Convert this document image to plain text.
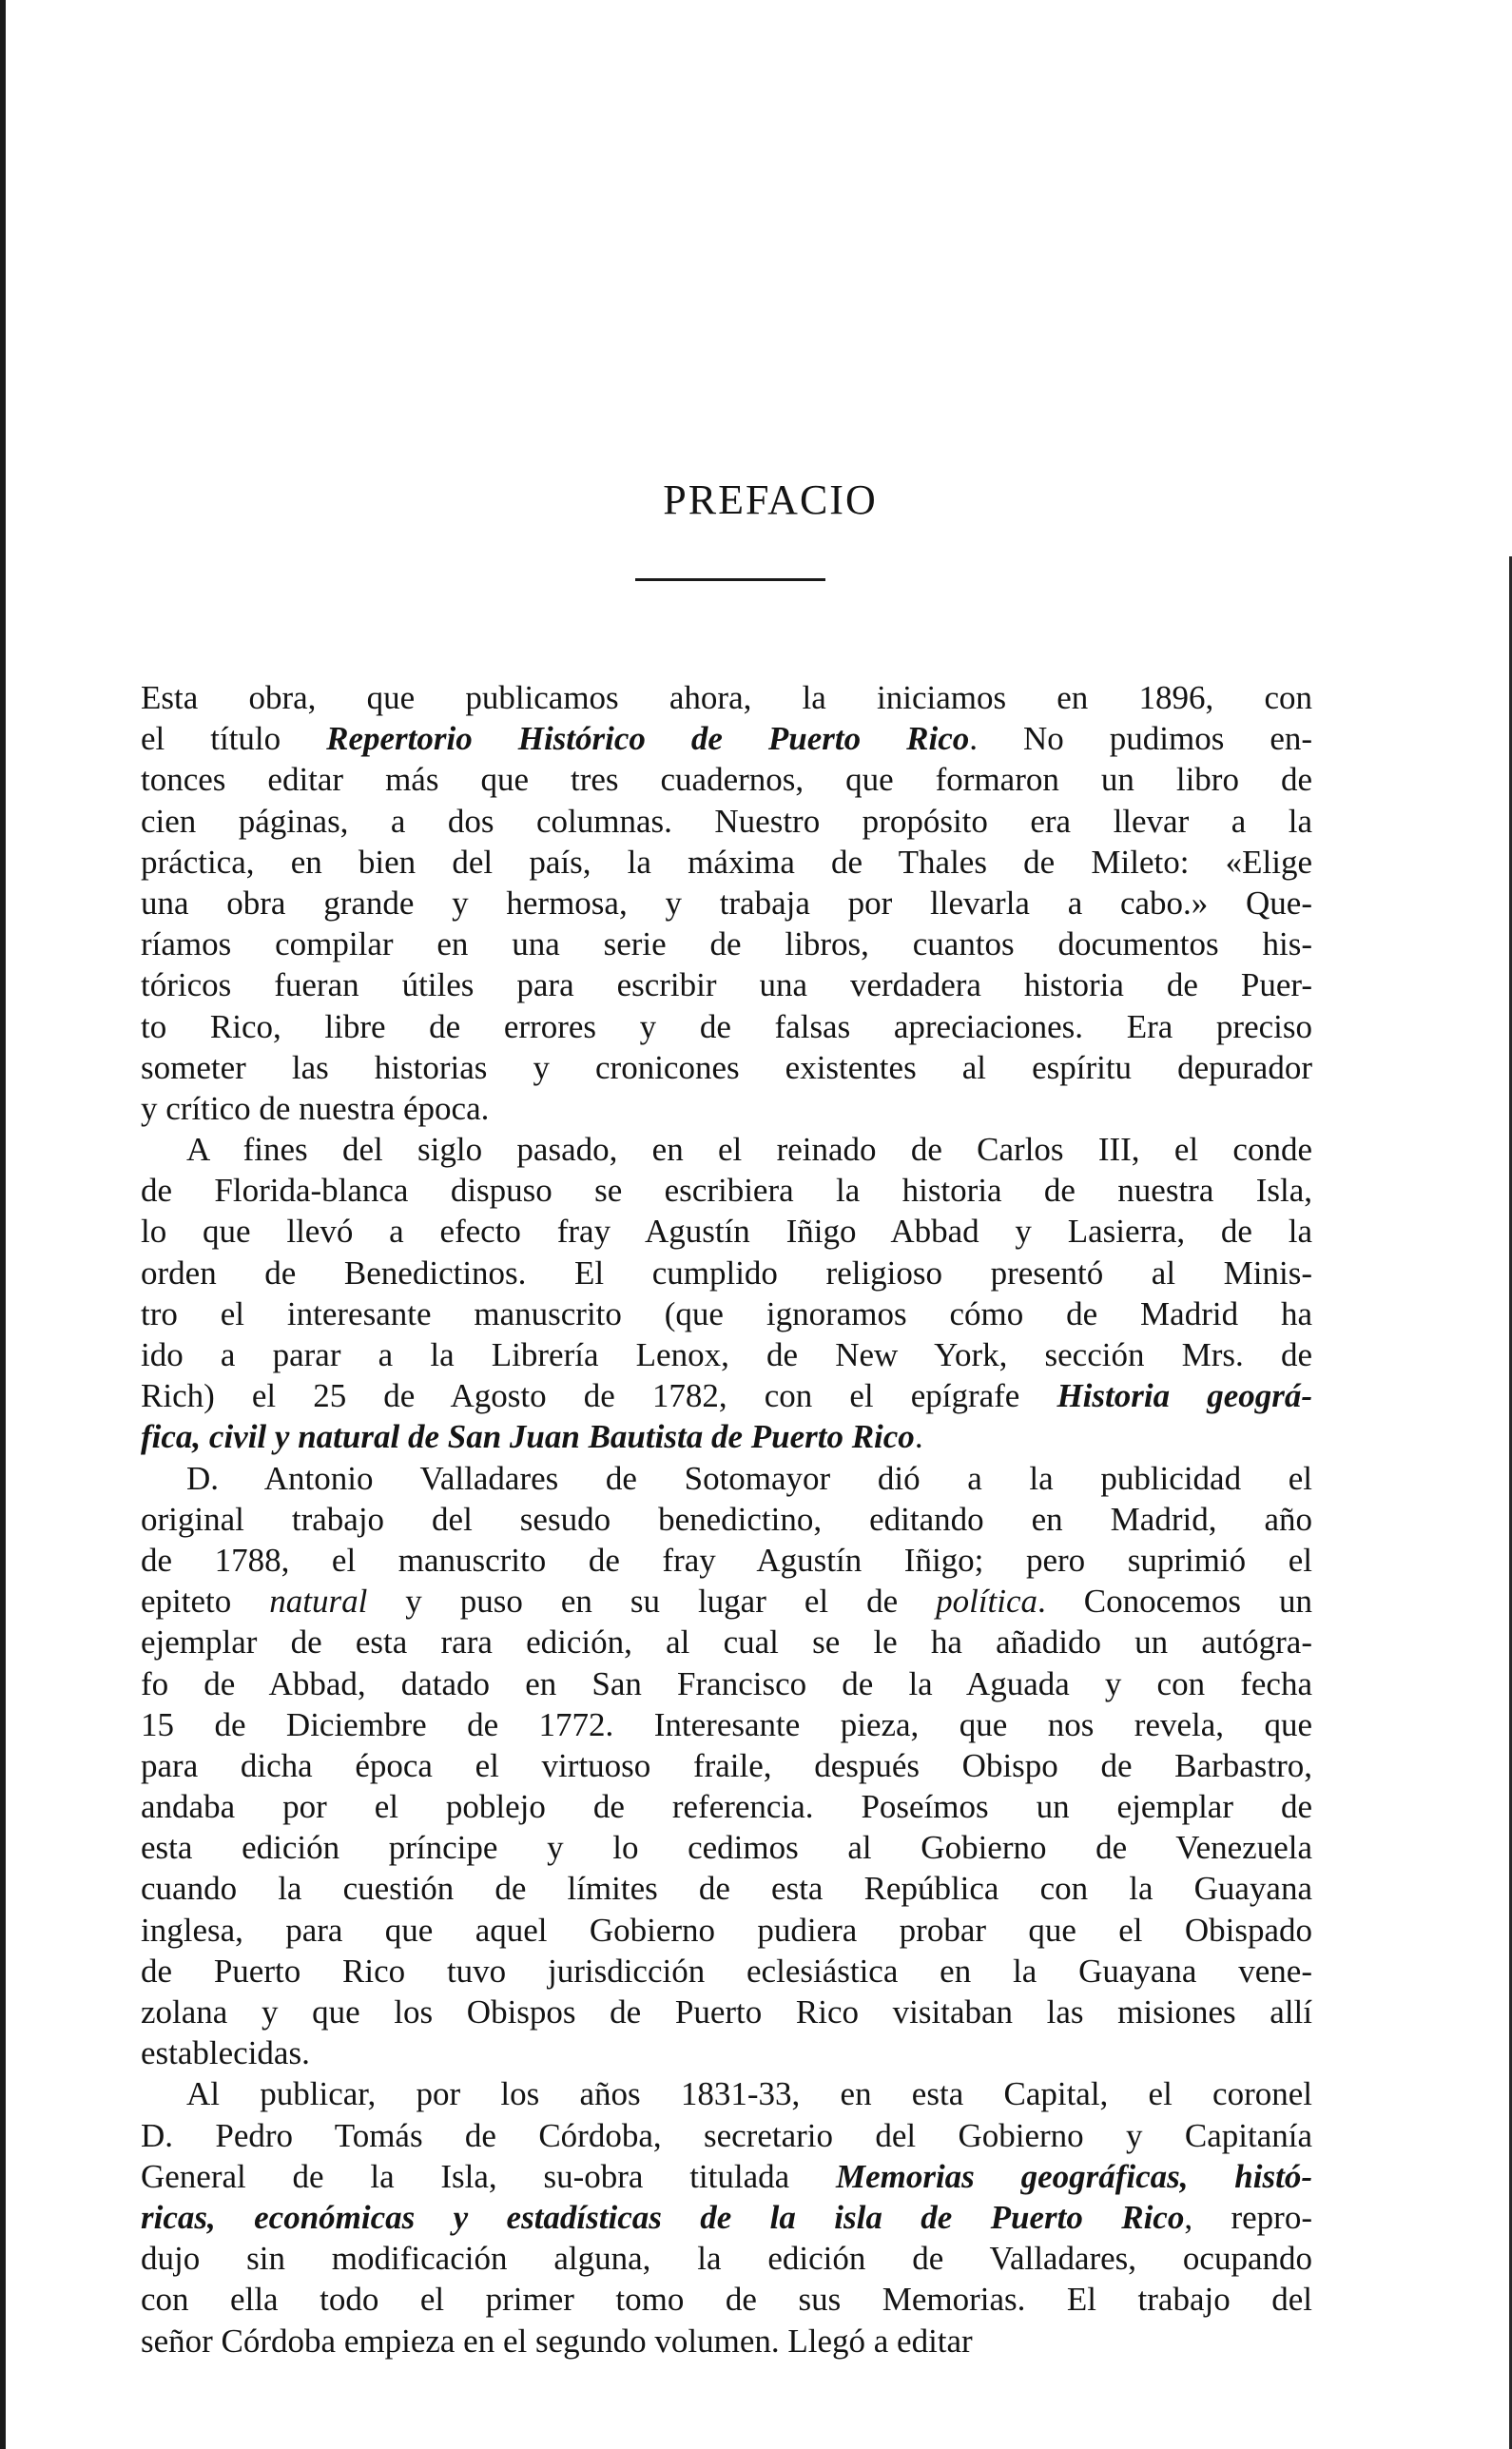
PREFACIO
Esta obra, que publicamos ahora, la iniciamos en 1896, con
el título Repertorio Histórico de Puerto Rico. No pudimos en-
tonces editar más que tres cuadernos, que formaron un libro de
cien páginas, a dos columnas. Nuestro propósito era llevar a la
práctica, en bien del país, la máxima de Thales de Mileto: «Elige
una obra grande y hermosa, y trabaja por llevarla a cabo.» Que-
ríamos compilar en una serie de libros, cuantos documentos his-
tóricos fueran útiles para escribir una verdadera historia de Puer-
to Rico, libre de errores y de falsas apreciaciones. Era preciso
someter las historias y cronicones existentes al espíritu depurador
y crítico de nuestra época.
A fines del siglo pasado, en el reinado de Carlos III, el conde
de Florida-blanca dispuso se escribiera la historia de nuestra Isla,
lo que llevó a efecto fray Agustín Iñigo Abbad y Lasierra, de la
orden de Benedictinos. El cumplido religioso presentó al Minis-
tro el interesante manuscrito (que ignoramos cómo de Madrid ha
ido a parar a la Librería Lenox, de New York, sección Mrs. de
Rich) el 25 de Agosto de 1782, con el epígrafe Historia geográ-
fica, civil y natural de San Juan Bautista de Puerto Rico.
D. Antonio Valladares de Sotomayor dió a la publicidad el
original trabajo del sesudo benedictino, editando en Madrid, año
de 1788, el manuscrito de fray Agustín Iñigo; pero suprimió el
epiteto natural y puso en su lugar el de política. Conocemos un
ejemplar de esta rara edición, al cual se le ha añadido un autógra-
fo de Abbad, datado en San Francisco de la Aguada y con fecha
15 de Diciembre de 1772. Interesante pieza, que nos revela, que
para dicha época el virtuoso fraile, después Obispo de Barbastro,
andaba por el poblejo de referencia. Poseímos un ejemplar de
esta edición príncipe y lo cedimos al Gobierno de Venezuela
cuando la cuestión de límites de esta República con la Guayana
inglesa, para que aquel Gobierno pudiera probar que el Obispado
de Puerto Rico tuvo jurisdicción eclesiástica en la Guayana vene-
zolana y que los Obispos de Puerto Rico visitaban las misiones allí
establecidas.
Al publicar, por los años 1831-33, en esta Capital, el coronel
D. Pedro Tomás de Córdoba, secretario del Gobierno y Capitanía
General de la Isla, su-obra titulada Memorias geográficas, histó-
ricas, económicas y estadísticas de la isla de Puerto Rico, repro-
dujo sin modificación alguna, la edición de Valladares, ocupando
con ella todo el primer tomo de sus Memorias. El trabajo del
señor Córdoba empieza en el segundo volumen. Llegó a editar
